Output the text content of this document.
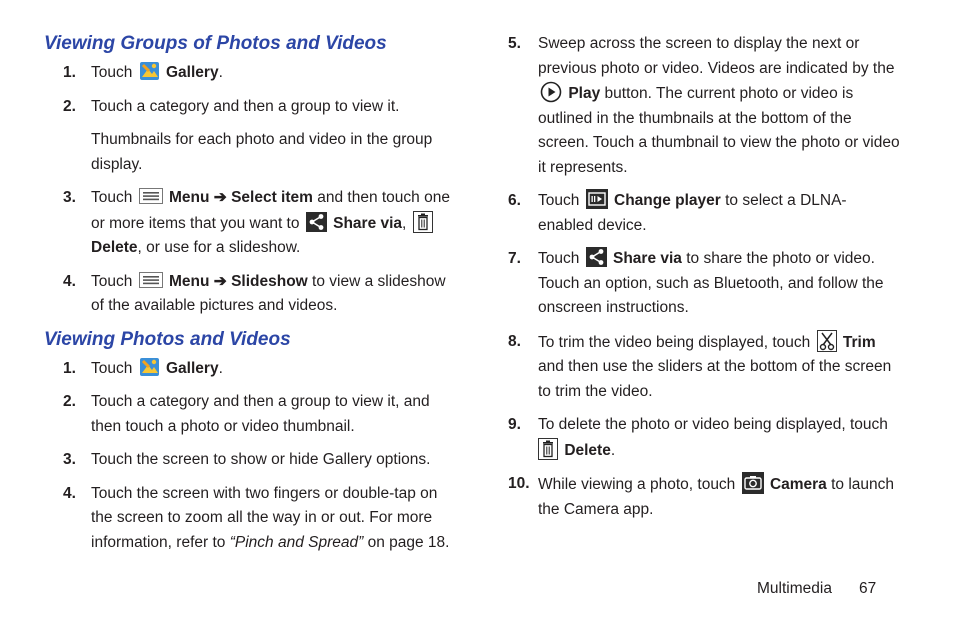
Viewing Groups of Photos and Videos
1. Touch Gallery.
2. Touch a category and then a group to view it.
Thumbnails for each photo and video in the group display.
3. Touch Menu ➔ Select item and then touch one or more items that you want to Share via,

Delete, or use for a slideshow.
4. Touch Menu ➔ Slideshow to view a slideshow of the available pictures and videos.
Viewing Photos and Videos
1. Touch Gallery.
2. Touch a category and then a group to view it, and then touch a photo or video thumbnail.
3. Touch the screen to show or hide Gallery options.
4. Touch the screen with two fingers or double-tap on the screen to zoom all the way in or out. For more information, refer to “Pinch and Spread” on page 18.
5. Sweep across the screen to display the next or previous photo or video. Videos are indicated by the
Play button. The current photo or video is outlined in the thumbnails at the bottom of the screen. Touch a thumbnail to view the photo or video it represents.
6. Touch Change player to select a DLNA-enabled device.
7. Touch Share via to share the photo or video. Touch an option, such as Bluetooth, and follow the onscreen instructions.
8. To trim the video being displayed, touch Trim and then use the sliders at the bottom of the screen to trim the video.
9. To delete the photo or video being displayed, touch

Delete.
10. While viewing a photo, touch Camera to launch the Camera app.
Multimedia 67
